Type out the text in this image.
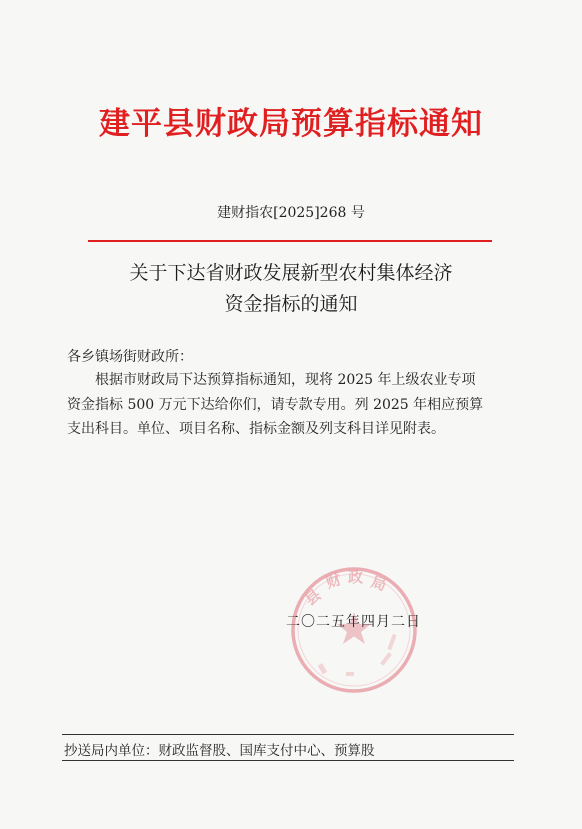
建平县财政局预算指标通知
建财指农[2025]268 号
关于下达省财政发展新型农村集体经济
资金指标的通知
各乡镇场街财政所：
根据市财政局下达预算指标通知，现将 2025 年上级农业专项
资金指标 500 万元下达给你们，请专款专用。列 2025 年相应预算
支出科目。单位、项目名称、指标金额及列支科目详见附表。
县
财 政 局
二〇二五年四月二日
抄送局内单位：财政监督股、国库支付中心、预算股
